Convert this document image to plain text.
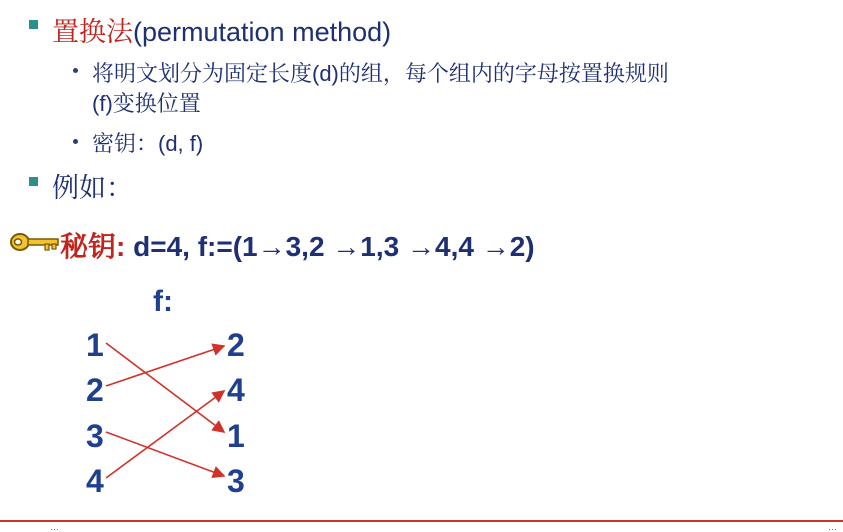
置换法(permutation method)
将明文划分为固定长度(d)的组，每个组内的字母按置换规则
(f)变换位置
密钥：(d, f)
例如：
秘钥: d=4, f:=(1→3,2 →1,3 →4,4 →2)
f:
1
2
3
4
2
4
1
3
…	…
